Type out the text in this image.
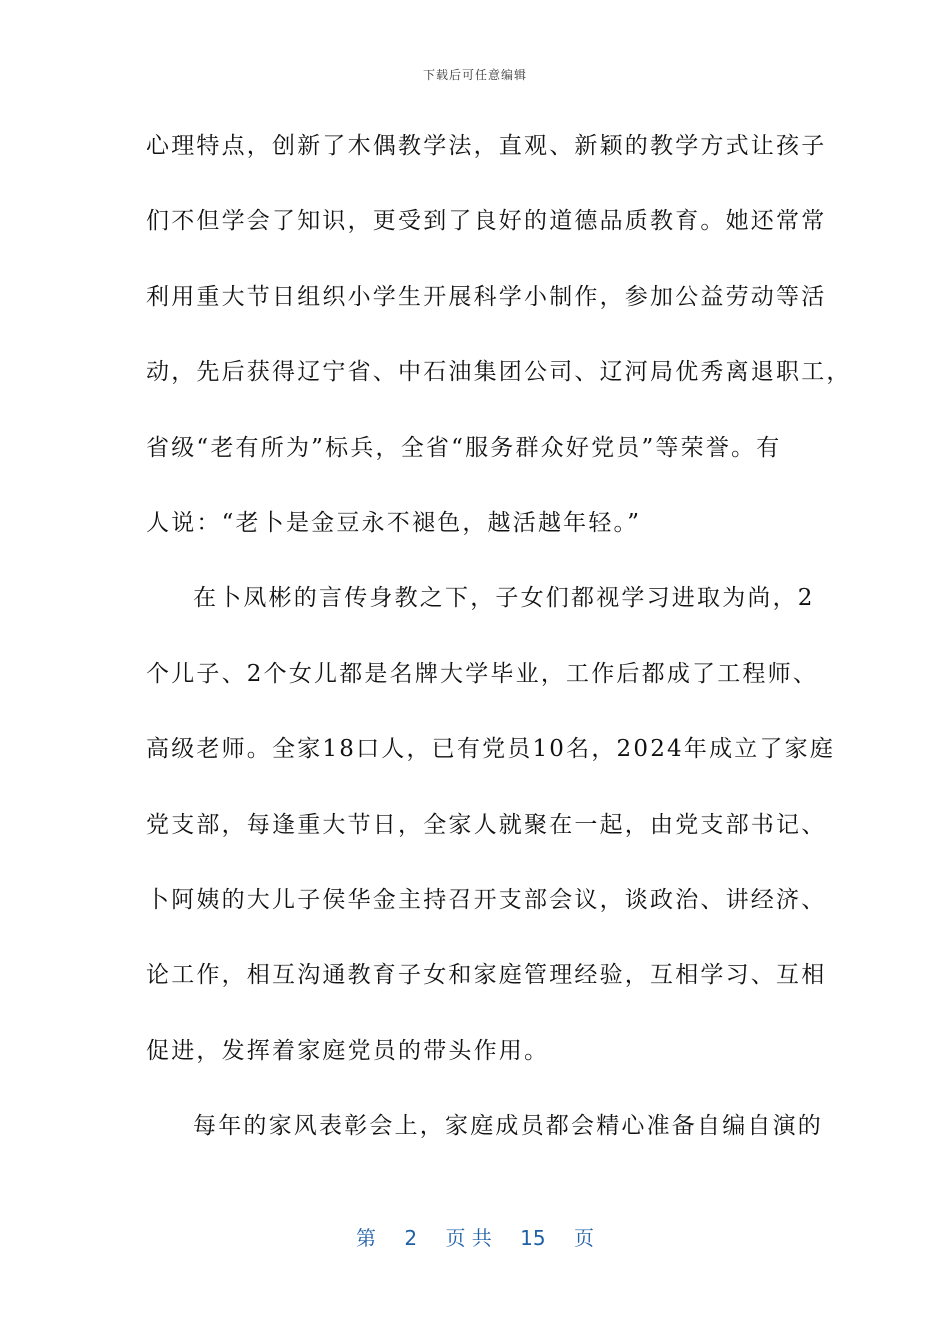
下载后可任意编辑
心理特点，创新了木偶教学法，直观、新颖的教学方式让孩子
们不但学会了知识，更受到了良好的道德品质教育。她还常常
利用重大节日组织小学生开展科学小制作，参加公益劳动等活
动，先后获得辽宁省、中石油集团公司、辽河局优秀离退职工，
省级“老有所为”标兵，全省“服务群众好党员”等荣誉。有
人说：“老卜是金豆永不褪色，越活越年轻。”
在卜凤彬的言传身教之下，子女们都视学习进取为尚，2
个儿子、2个女儿都是名牌大学毕业，工作后都成了工程师、
高级老师。全家18口人，已有党员10名，2024年成立了家庭
党支部，每逢重大节日，全家人就聚在一起，由党支部书记、
卜阿姨的大儿子侯华金主持召开支部会议，谈政治、讲经济、
论工作，相互沟通教育子女和家庭管理经验，互相学习、互相
促进，发挥着家庭党员的带头作用。
每年的家风表彰会上，家庭成员都会精心准备自编自演的
第 2 页 共 15 页
